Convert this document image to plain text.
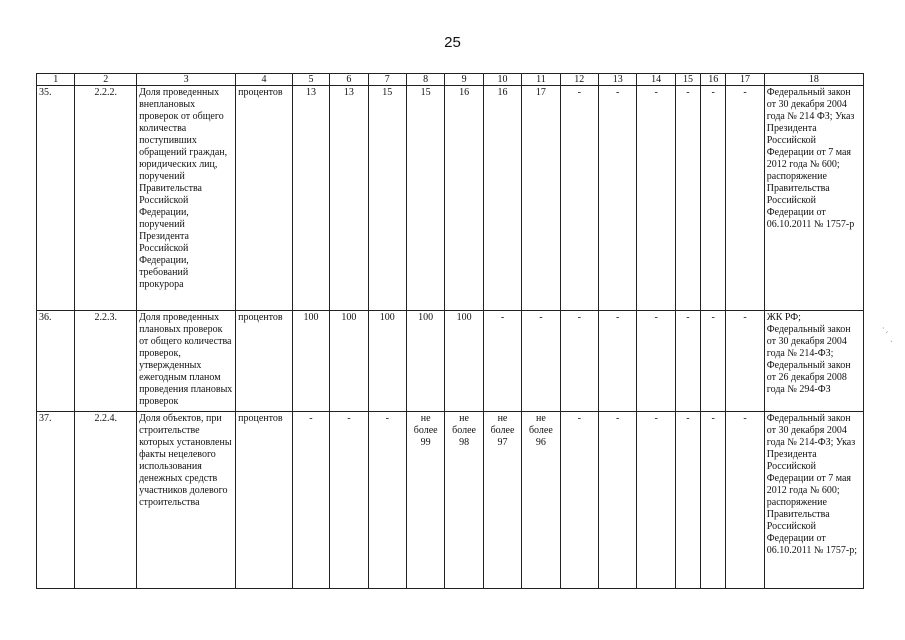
25
1	2	3	4	5	6	7	8	9	10	11	12	13	14	15	16	17	18
35.	2.2.2.	Доля проведенных внеплановых проверок от общего количества поступивших обращений граждан, юридических лиц, поручений Правительства Российской Федерации, поручений Президента Российской Федерации, требований прокурора	процентов	13	13	15	15	16	16	17	-	-	-	-	-	-	Федеральный закон от 30 декабря 2004 года № 214 ФЗ; Указ Президента Российской Федерации от 7 мая 2012 года № 600; распоряжение Правительства Российской Федерации от 06.10.2011 № 1757-р
36.	2.2.3.	Доля проведенных плановых проверок от общего количества проверок, утвержденных ежегодным планом проведения плановых проверок	процентов	100	100	100	100	100	-	-	-	-	-	-	-	-	ЖК РФ; Федеральный закон от 30 декабря 2004 года № 214-ФЗ; Федеральный закон от 26 декабря 2008 года № 294-ФЗ
37.	2.2.4.	Доля объектов, при строительстве которых установлены факты нецелевого использования денежных средств участников долевого строительства	процентов	-	-	-	не более 99	не более 98	не более 97	не более 96	-	-	-	-	-	-	Федеральный закон от 30 декабря 2004 года № 214-ФЗ; Указ Президента Российской Федерации от 7 мая 2012 года № 600; распоряжение Правительства Российской Федерации от 06.10.2011 № 1757-р;
·ˏ
˴
